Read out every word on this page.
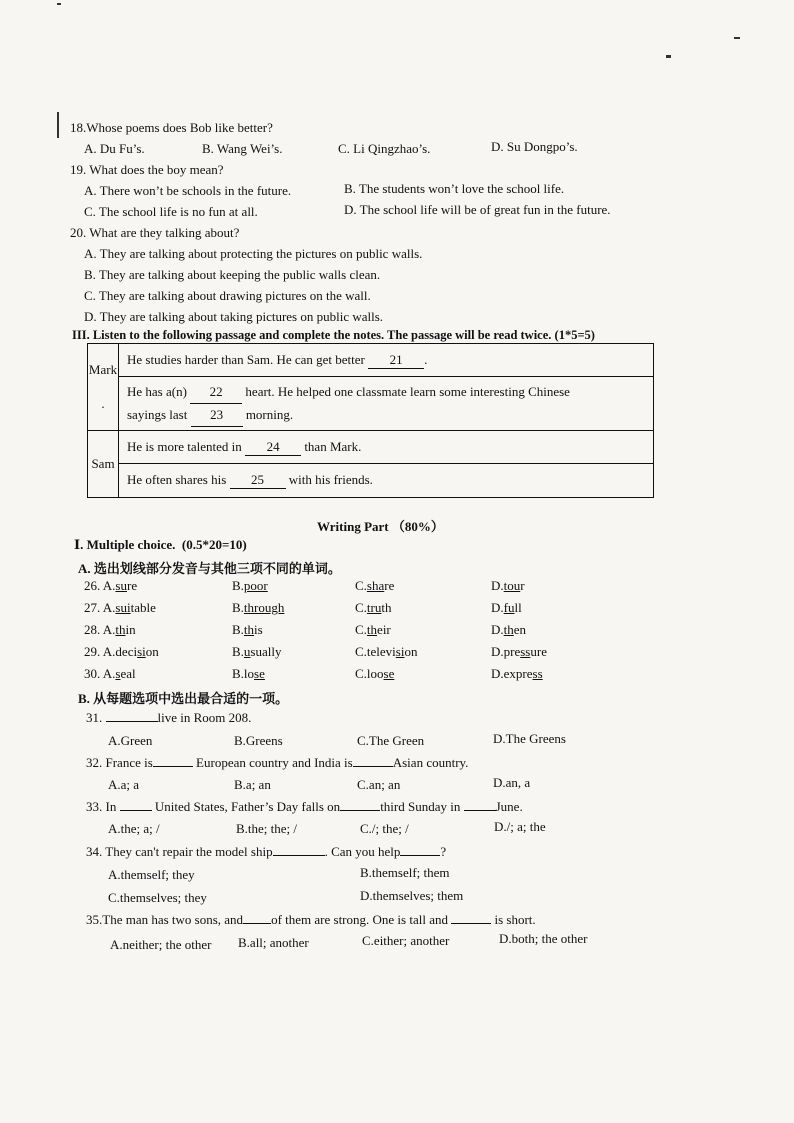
18.Whose poems does Bob like better?
A. Du Fu’s.	B. Wang Wei’s.	C. Li Qingzhao’s.	D. Su Dongpo’s.
19. What does the boy mean?
A. There won’t be schools in the future.	B. The students won’t love the school life.
C. The school life is no fun at all.	D. The school life will be of great fun in the future.
20. What are they talking about?
A. They are talking about protecting the pictures on public walls.
B. They are talking about keeping the public walls clean.
C. They are talking about drawing pictures on the wall.
D. They are talking about taking pictures on public walls.
III. Listen to the following passage and complete the notes. The passage will be read twice. (1*5=5)
Mark
.	He studies harder than Sam. He can get better 21 .
	He has a(n) 22 heart. He helped one classmate learn some interesting Chinese
sayings last 23 morning.

Sam	He is more talented in 24 than Mark.
	He often shares his 25 with his friends.
Writing Part （80%）
Ⅰ. Multiple choice. (0.5*20=10)
A. 选出划线部分发音与其他三项不同的单词。
26. A.sure	B.poor	C.share	D.tour
27. A.suitable	B.through	C.truth	D.full
28. A.thin	B.this	C.their	D.then
29. A.decision	B.usually	C.television	D.pressure
30. A.seal	B.lose	C.loose	D.express
B. 从每题选项中选出最合适的一项。
31.	live in Room 208.
A.Green	B.Greens	C.The Green	D.The Greens
32. France is	European country and India is	Asian country.
A.a; a	B.a; an	C.an; an	D.an, a
33. In	United States, Father’s Day falls on	third Sunday in	June.
A.the; a; /	B.the; the; /	C./; the; /	D./; a; the
34. They can't repair the model ship	. Can you help	?
A.themself; they	B.themself; them
C.themselves; they	D.themselves; them
35.The man has two sons, and of them are strong. One is tall and	is short.
A.neither; the other B.all; another	C.either; another	D.both; the other
